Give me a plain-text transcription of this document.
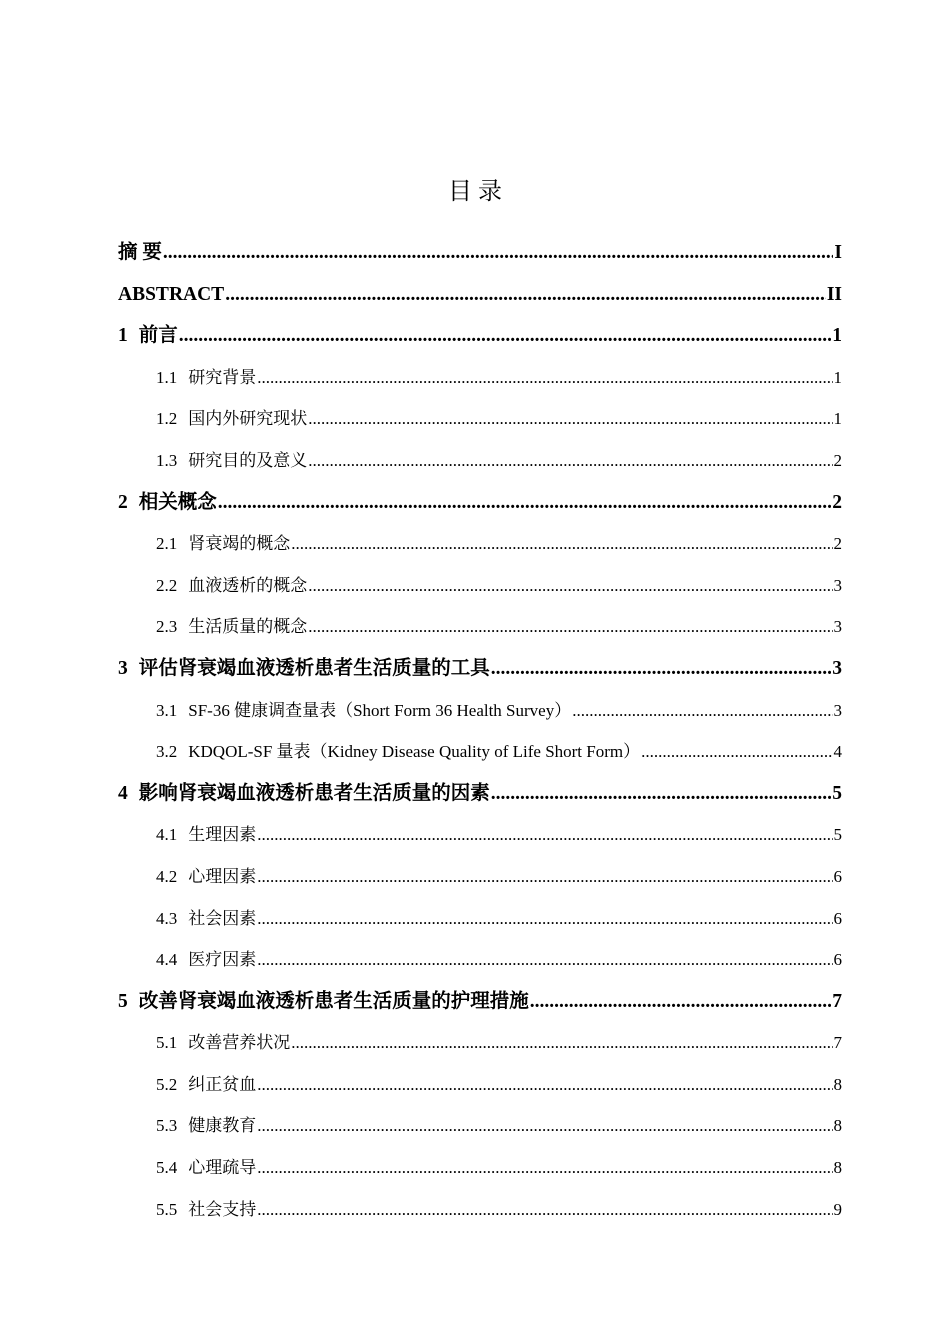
目 录
摘 要 .....	I
ABSTRACT .....	II
1 前言 .....	1
1.1 研究背景 .....	1
1.2 国内外研究现状 .....	1
1.3 研究目的及意义 .....	2
2 相关概念 .....	2
2.1 肾衰竭的概念 .....	2
2.2 血液透析的概念 .....	3
2.3 生活质量的概念 .....	3
3 评估肾衰竭血液透析患者生活质量的工具 .....	3
3.1 SF-36 健康调查量表（Short Form 36 Health Survey） .....	3
3.2 KDQOL-SF 量表（Kidney Disease Quality of Life Short Form） .....	4
4 影响肾衰竭血液透析患者生活质量的因素 .....	5
4.1 生理因素 .....	5
4.2 心理因素 .....	6
4.3 社会因素 .....	6
4.4 医疗因素 .....	6
5 改善肾衰竭血液透析患者生活质量的护理措施 .....	7
5.1 改善营养状况 .....	7
5.2 纠正贫血 .....	8
5.3 健康教育 .....	8
5.4 心理疏导 .....	8
5.5 社会支持 .....	9
